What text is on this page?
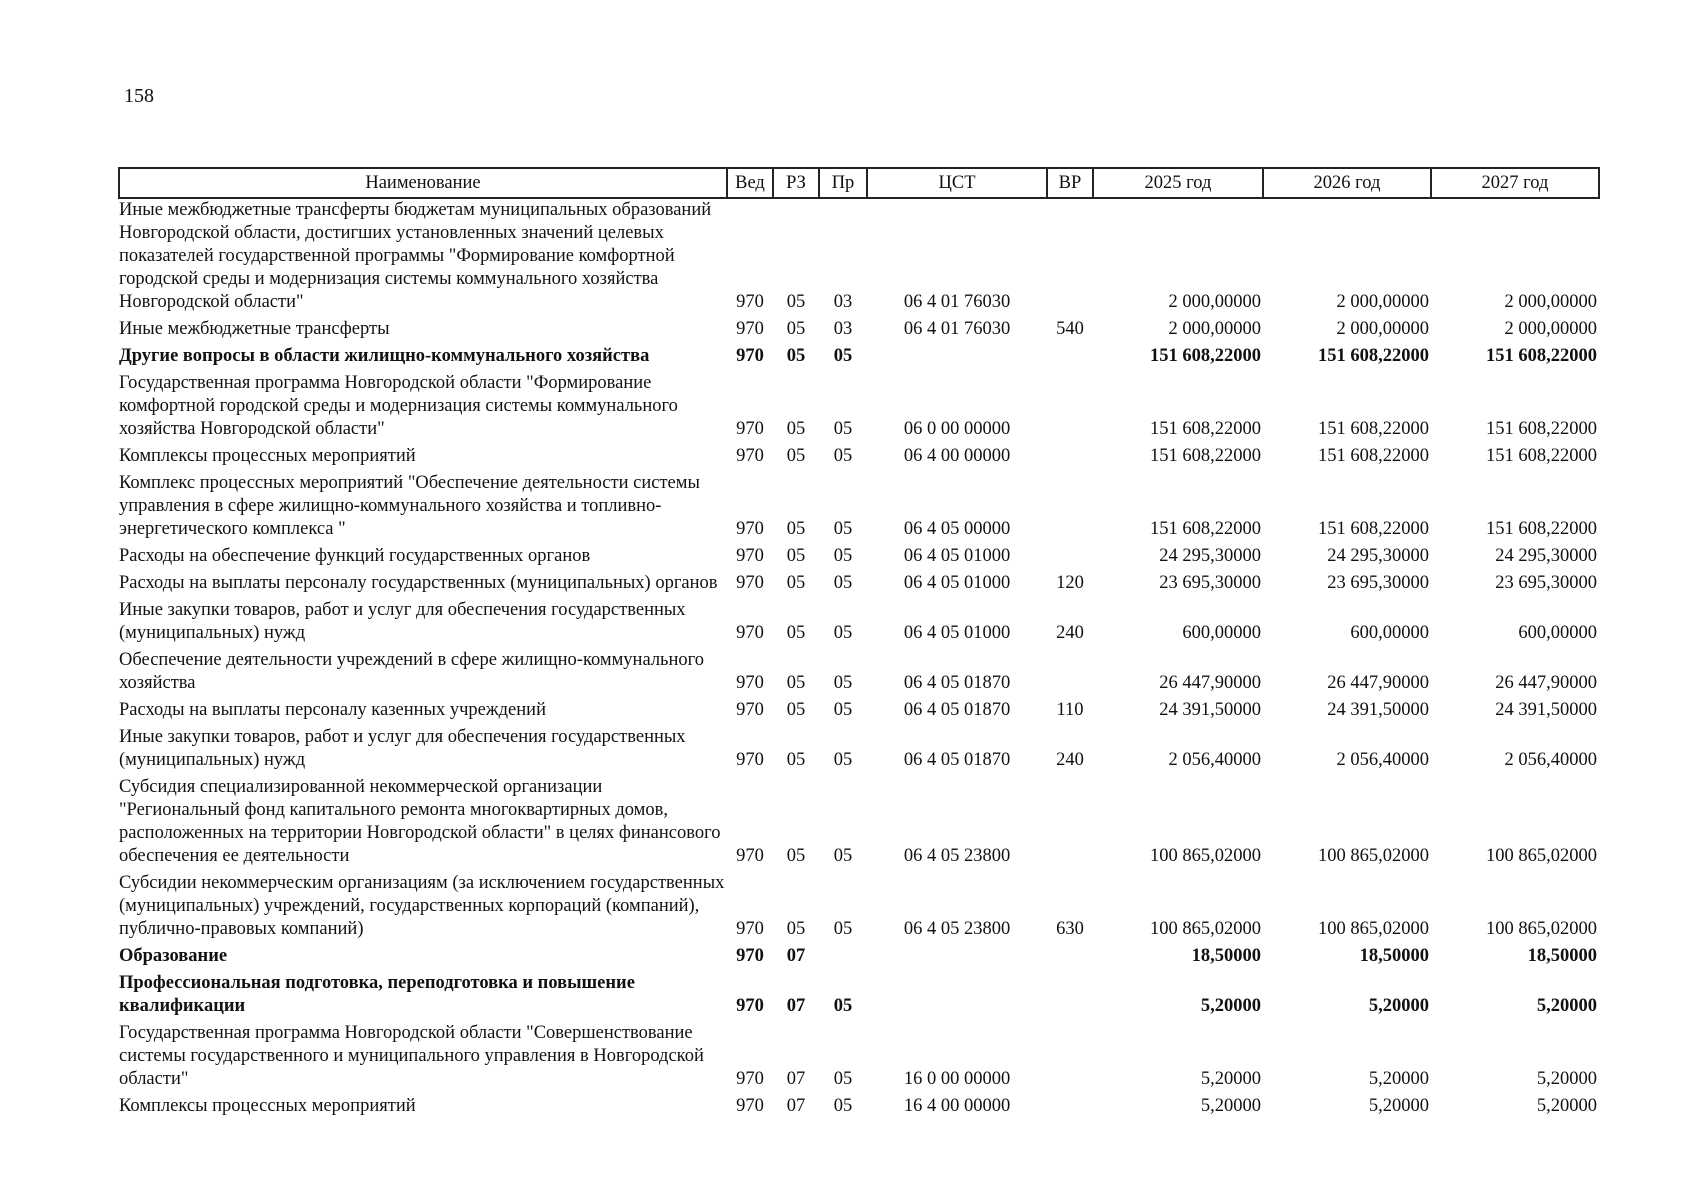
158
Наименование	Вед	РЗ	Пр	ЦСТ	ВР	2025 год	2026 год	2027 год
Иные межбюджетные трансферты бюджетам муниципальных образований Новгородской области, достигших установленных значений целевых показателей государственной программы "Формирование комфортной городской среды и модернизация системы коммунального хозяйства Новгородской области"	970	05	03	06 4 01 76030		2 000,00000	2 000,00000	2 000,00000
Иные межбюджетные трансферты	970	05	03	06 4 01 76030	540	2 000,00000	2 000,00000	2 000,00000
Другие вопросы в области жилищно-коммунального хозяйства	970	05	05			151 608,22000	151 608,22000	151 608,22000
Государственная программа Новгородской области "Формирование комфортной городской среды и модернизация системы коммунального хозяйства Новгородской области"	970	05	05	06 0 00 00000		151 608,22000	151 608,22000	151 608,22000
Комплексы процессных мероприятий	970	05	05	06 4 00 00000		151 608,22000	151 608,22000	151 608,22000
Комплекс процессных мероприятий "Обеспечение деятельности системы управления в сфере жилищно-коммунального хозяйства и топливно-энергетического комплекса "	970	05	05	06 4 05 00000		151 608,22000	151 608,22000	151 608,22000
Расходы на обеспечение функций государственных органов	970	05	05	06 4 05 01000		24 295,30000	24 295,30000	24 295,30000
Расходы на выплаты персоналу государственных (муниципальных) органов	970	05	05	06 4 05 01000	120	23 695,30000	23 695,30000	23 695,30000
Иные закупки товаров, работ и услуг для обеспечения государственных (муниципальных) нужд	970	05	05	06 4 05 01000	240	600,00000	600,00000	600,00000
Обеспечение деятельности учреждений в сфере жилищно-коммунального хозяйства	970	05	05	06 4 05 01870		26 447,90000	26 447,90000	26 447,90000
Расходы на выплаты персоналу казенных учреждений	970	05	05	06 4 05 01870	110	24 391,50000	24 391,50000	24 391,50000
Иные закупки товаров, работ и услуг для обеспечения государственных (муниципальных) нужд	970	05	05	06 4 05 01870	240	2 056,40000	2 056,40000	2 056,40000
Субсидия специализированной некоммерческой организации "Региональный фонд капитального ремонта многоквартирных домов, расположенных на территории Новгородской области" в целях финансового обеспечения ее деятельности	970	05	05	06 4 05 23800		100 865,02000	100 865,02000	100 865,02000
Субсидии некоммерческим организациям (за исключением государственных (муниципальных) учреждений, государственных корпораций (компаний), публично-правовых компаний)	970	05	05	06 4 05 23800	630	100 865,02000	100 865,02000	100 865,02000
Образование	970	07				18,50000	18,50000	18,50000
Профессиональная подготовка, переподготовка и повышение квалификации	970	07	05			5,20000	5,20000	5,20000
Государственная программа Новгородской области "Совершенствование системы государственного и муниципального управления в Новгородской области"	970	07	05	16 0 00 00000		5,20000	5,20000	5,20000
Комплексы процессных мероприятий	970	07	05	16 4 00 00000		5,20000	5,20000	5,20000
